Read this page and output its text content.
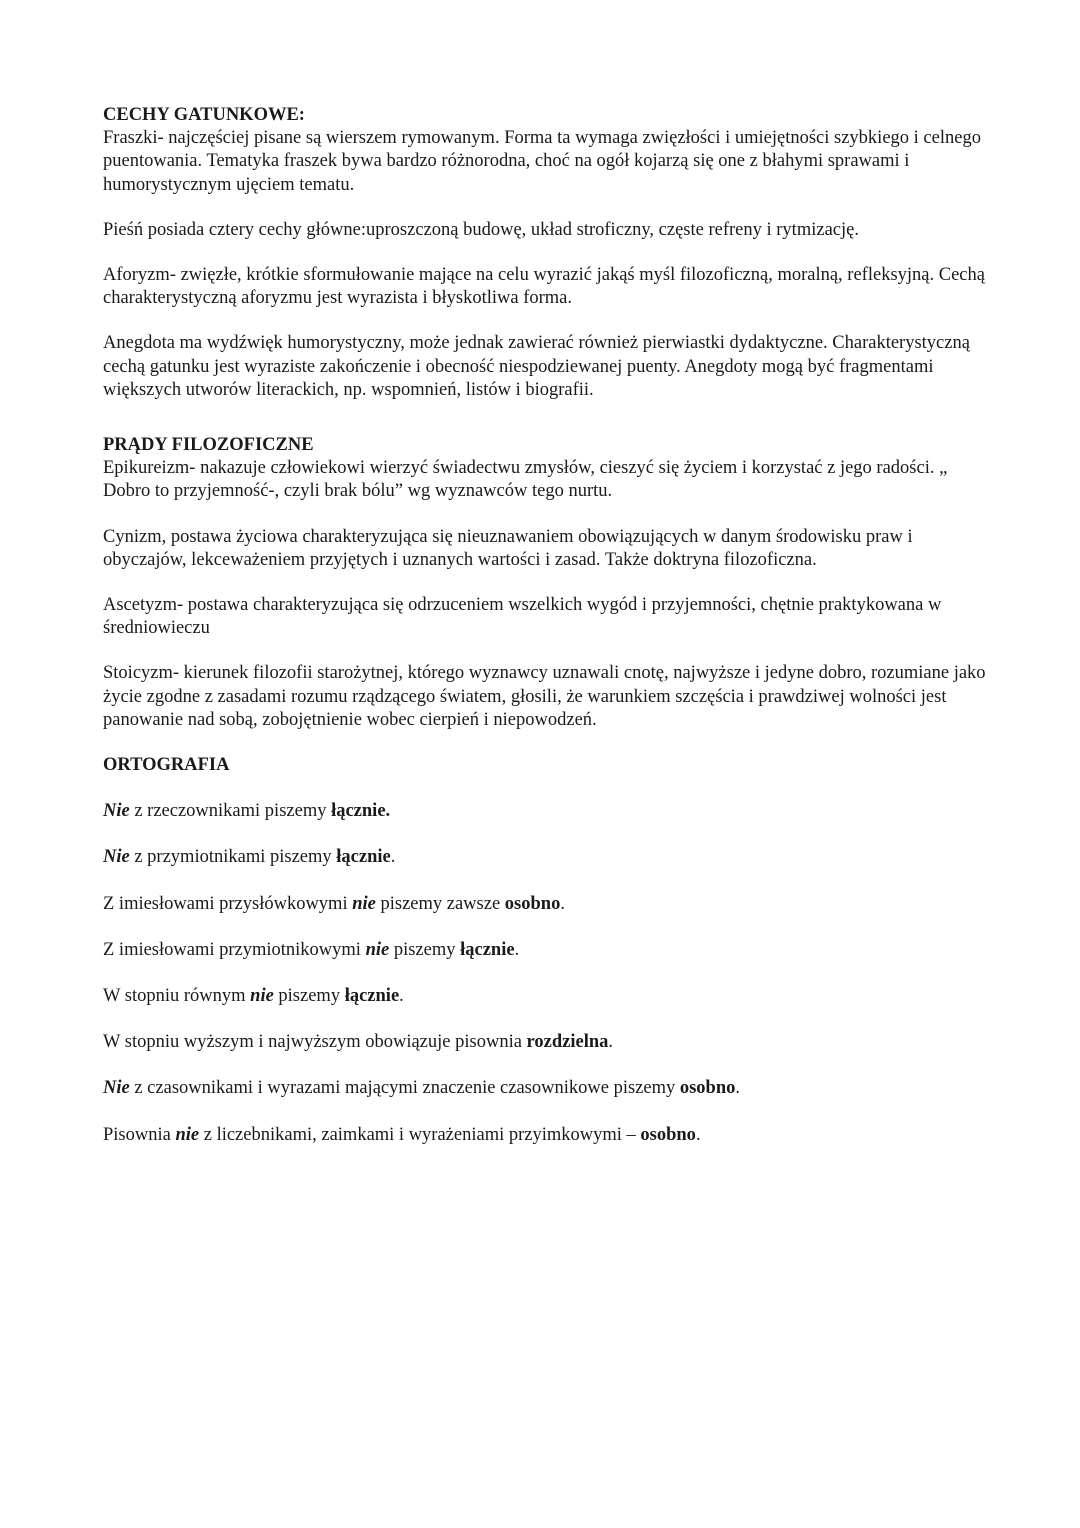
CECHY GATUNKOWE:

Fraszki- najczęściej pisane są wierszem rymowanym. Forma ta wymaga zwięzłości i umiejętności szybkiego i celnego puentowania. Tematyka fraszek bywa bardzo różnorodna, choć na ogół kojarzą się one z błahymi sprawami i humorystycznym ujęciem tematu.

Pieśń posiada cztery cechy główne:uproszczoną budowę, układ stroficzny, częste refreny i rytmizację.

Aforyzm- zwięzłe, krótkie sformułowanie mające na celu wyrazić jakąś myśl filozoficzną, moralną, refleksyjną. Cechą charakterystyczną aforyzmu jest wyrazista i błyskotliwa forma.

Anegdota ma wydźwięk humorystyczny, może jednak zawierać również pierwiastki dydaktyczne. Charakterystyczną cechą gatunku jest wyraziste zakończenie i obecność niespodziewanej puenty. Anegdoty mogą być fragmentami większych utworów literackich, np. wspomnień, listów i biografii.

PRĄDY FILOZOFICZNE

Epikureizm- nakazuje człowiekowi wierzyć świadectwu zmysłów, cieszyć się życiem i korzystać z jego radości. „ Dobro to przyjemność-, czyli brak bólu” wg wyznawców tego nurtu.

Cynizm, postawa życiowa charakteryzująca się nieuznawaniem obowiązujących w danym środowisku praw i obyczajów, lekceważeniem przyjętych i uznanych wartości i zasad. Także doktryna filozoficzna.

Ascetyzm- postawa charakteryzująca się odrzuceniem wszelkich wygód i przyjemności, chętnie praktykowana w średniowieczu

Stoicyzm- kierunek filozofii starożytnej, którego wyznawcy uznawali cnotę, najwyższe i jedyne dobro, rozumiane jako życie zgodne z zasadami rozumu rządzącego światem, głosili, że warunkiem szczęścia i prawdziwej wolności jest panowanie nad sobą, zobojętnienie wobec cierpień i niepowodzeń.

ORTOGRAFIA

Nie z rzeczownikami piszemy łącznie.

Nie z przymiotnikami piszemy łącznie.

Z imiesłowami przysłówkowymi nie piszemy zawsze osobno.

Z imiesłowami przymiotnikowymi nie piszemy łącznie.

W stopniu równym nie piszemy łącznie.

W stopniu wyższym i najwyższym obowiązuje pisownia rozdzielna.

Nie z czasownikami i wyrazami mającymi znaczenie czasownikowe piszemy osobno.

Pisownia nie z liczebnikami, zaimkami i wyrażeniami przyimkowymi – osobno.
